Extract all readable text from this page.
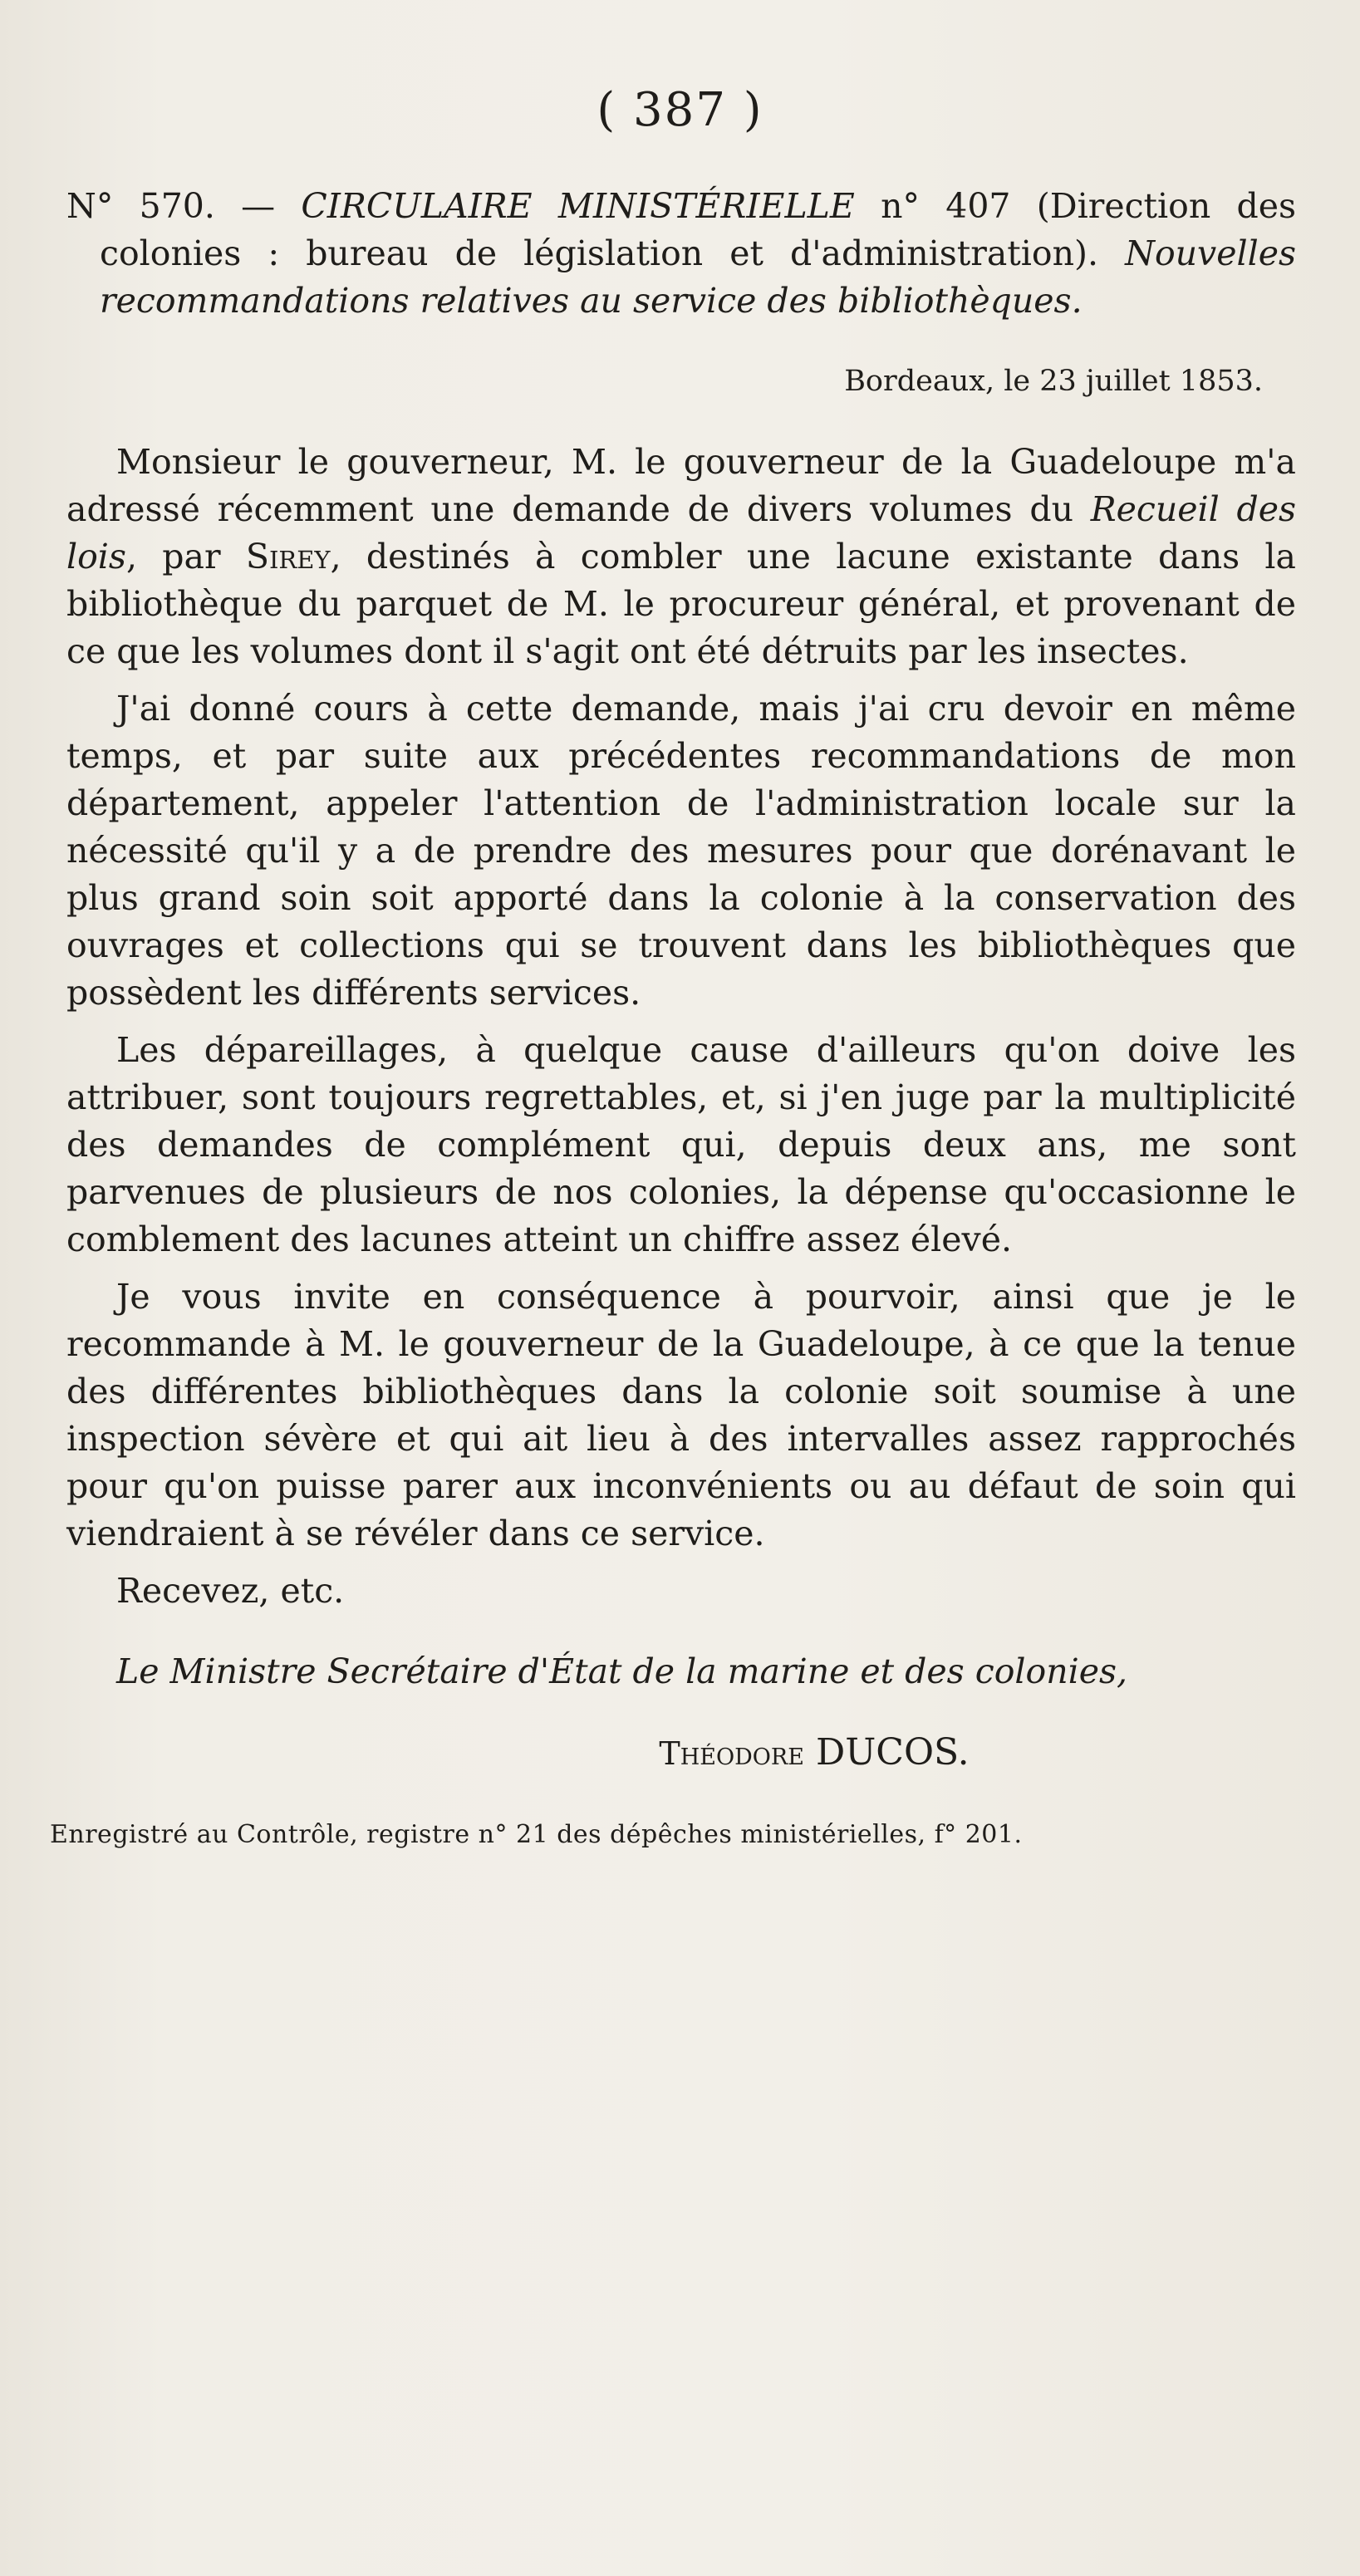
( 387 )

N° 570. — CIRCULAIRE MINISTÉRIELLE n° 407 (Direction des colonies : bureau de législation et d'administration). Nouvelles recommandations relatives au service des bibliothèques.

Bordeaux, le 23 juillet 1853.

Monsieur le gouverneur, M. le gouverneur de la Guadeloupe m'a adressé récemment une demande de divers volumes du Recueil des lois, par Sirey, destinés à combler une lacune existante dans la bibliothèque du parquet de M. le procureur général, et provenant de ce que les volumes dont il s'agit ont été détruits par les insectes.

J'ai donné cours à cette demande, mais j'ai cru devoir en même temps, et par suite aux précédentes recommandations de mon département, appeler l'attention de l'administration locale sur la nécessité qu'il y a de prendre des mesures pour que dorénavant le plus grand soin soit apporté dans la colonie à la conservation des ouvrages et collections qui se trouvent dans les bibliothèques que possèdent les différents services.

Les dépareillages, à quelque cause d'ailleurs qu'on doive les attribuer, sont toujours regrettables, et, si j'en juge par la multiplicité des demandes de complément qui, depuis deux ans, me sont parvenues de plusieurs de nos colonies, la dépense qu'occasionne le comblement des lacunes atteint un chiffre assez élevé.

Je vous invite en conséquence à pourvoir, ainsi que je le recommande à M. le gouverneur de la Guadeloupe, à ce que la tenue des différentes bibliothèques dans la colonie soit soumise à une inspection sévère et qui ait lieu à des intervalles assez rapprochés pour qu'on puisse parer aux inconvénients ou au défaut de soin qui viendraient à se révéler dans ce service.

Recevez, etc.

Le Ministre Secrétaire d'État de la marine et des colonies,

Théodore DUCOS.

Enregistré au Contrôle, registre n° 21 des dépêches ministérielles, f° 201.
